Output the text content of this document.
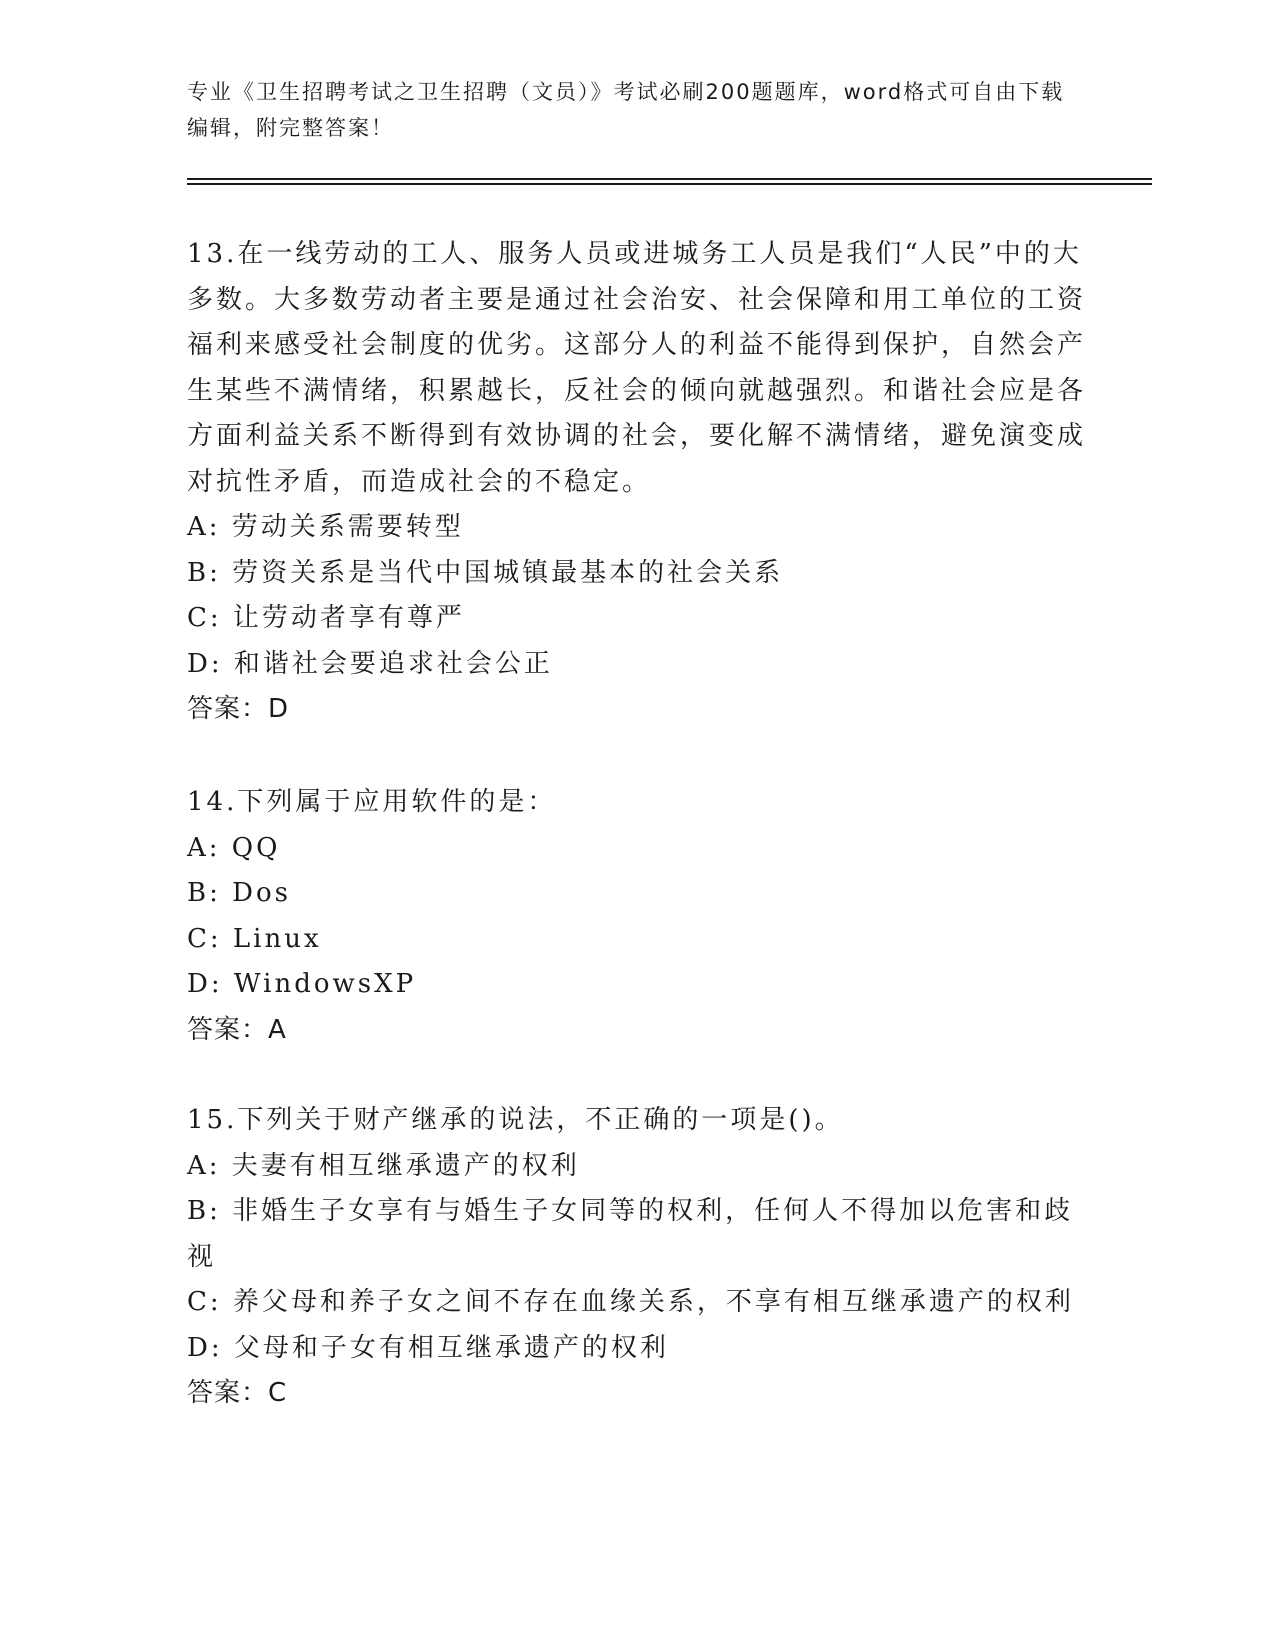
专业《卫生招聘考试之卫生招聘（文员）》考试必刷200题题库，word格式可自由下载编辑，附完整答案！
13.在一线劳动的工人、服务人员或进城务工人员是我们“人民”中的大多数。大多数劳动者主要是通过社会治安、社会保障和用工单位的工资福利来感受社会制度的优劣。这部分人的利益不能得到保护，自然会产生某些不满情绪，积累越长，反社会的倾向就越强烈。和谐社会应是各方面利益关系不断得到有效协调的社会，要化解不满情绪，避免演变成对抗性矛盾，而造成社会的不稳定。
A: 劳动关系需要转型
B: 劳资关系是当代中国城镇最基本的社会关系
C: 让劳动者享有尊严
D: 和谐社会要追求社会公正
答案：D
14.下列属于应用软件的是：
A: QQ
B: Dos
C: Linux
D: WindowsXP
答案：A
15.下列关于财产继承的说法，不正确的一项是()。
A: 夫妻有相互继承遗产的权利
B: 非婚生子女享有与婚生子女同等的权利，任何人不得加以危害和歧视
C: 养父母和养子女之间不存在血缘关系，不享有相互继承遗产的权利
D: 父母和子女有相互继承遗产的权利
答案：C
